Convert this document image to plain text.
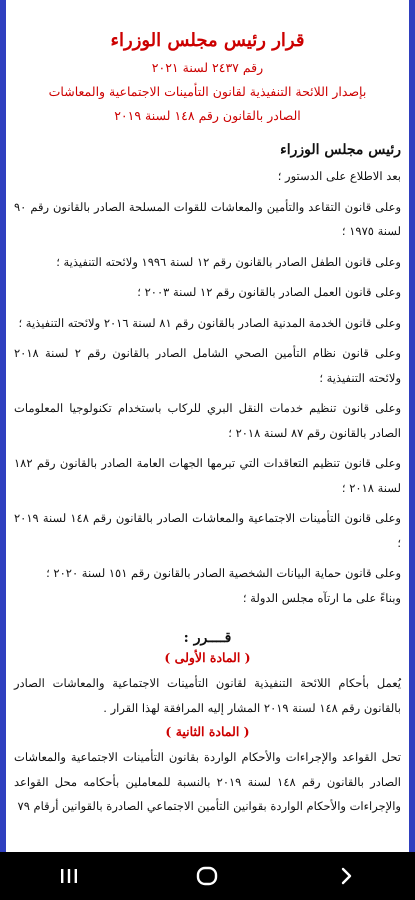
قرار رئيس مجلس الوزراء
رقم ٢٤٣٧ لسنة ٢٠٢١
بإصدار اللائحة التنفيذية لقانون التأمينات الاجتماعية والمعاشات
الصادر بالقانون رقم ١٤٨ لسنة ٢٠١٩
رئيس مجلس الوزراء

بعد الاطلاع على الدستور ؛

وعلى قانون التقاعد والتأمين والمعاشات للقوات المسلحة الصادر بالقانون رقم ٩٠ لسنة ١٩٧٥ ؛

وعلى قانون الطفل الصادر بالقانون رقم ١٢ لسنة ١٩٩٦ ولائحته التنفيذية ؛

وعلى قانون العمل الصادر بالقانون رقم ١٢ لسنة ٢٠٠٣ ؛

وعلى قانون الخدمة المدنية الصادر بالقانون رقم ٨١ لسنة ٢٠١٦ ولائحته التنفيذية ؛

وعلى قانون نظام التأمين الصحي الشامل الصادر بالقانون رقم ٢ لسنة ٢٠١٨ ولائحته التنفيذية ؛

وعلى قانون تنظيم خدمات النقل البري للركاب باستخدام تكنولوجيا المعلومات الصادر بالقانون رقم ٨٧ لسنة ٢٠١٨ ؛

وعلى قانون تنظيم التعاقدات التي تبرمها الجهات العامة الصادر بالقانون رقم ١٨٢ لسنة ٢٠١٨ ؛

وعلى قانون التأمينات الاجتماعية والمعاشات الصادر بالقانون رقم ١٤٨ لسنة ٢٠١٩ ؛

وعلى قانون حماية البيانات الشخصية الصادر بالقانون رقم ١٥١ لسنة ٢٠٢٠ ؛

وبناءً على ما ارتآه مجلس الدولة ؛

قــــرر :
( المادة الأولى )

يُعمل بأحكام اللائحة التنفيذية لقانون التأمينات الاجتماعية والمعاشات الصادر بالقانون رقم ١٤٨ لسنة ٢٠١٩ المشار إليه المرافقة لهذا القرار .

( المادة الثانية )

تحل القواعد والإجراءات والأحكام الواردة بقانون التأمينات الاجتماعية والمعاشات الصادر بالقانون رقم ١٤٨ لسنة ٢٠١٩ بالنسبة للمعاملين بأحكامه محل القواعد والإجراءات والأحكام الواردة بقوانين التأمين الاجتماعي الصادرة بالقوانين أرقام ٧٩
